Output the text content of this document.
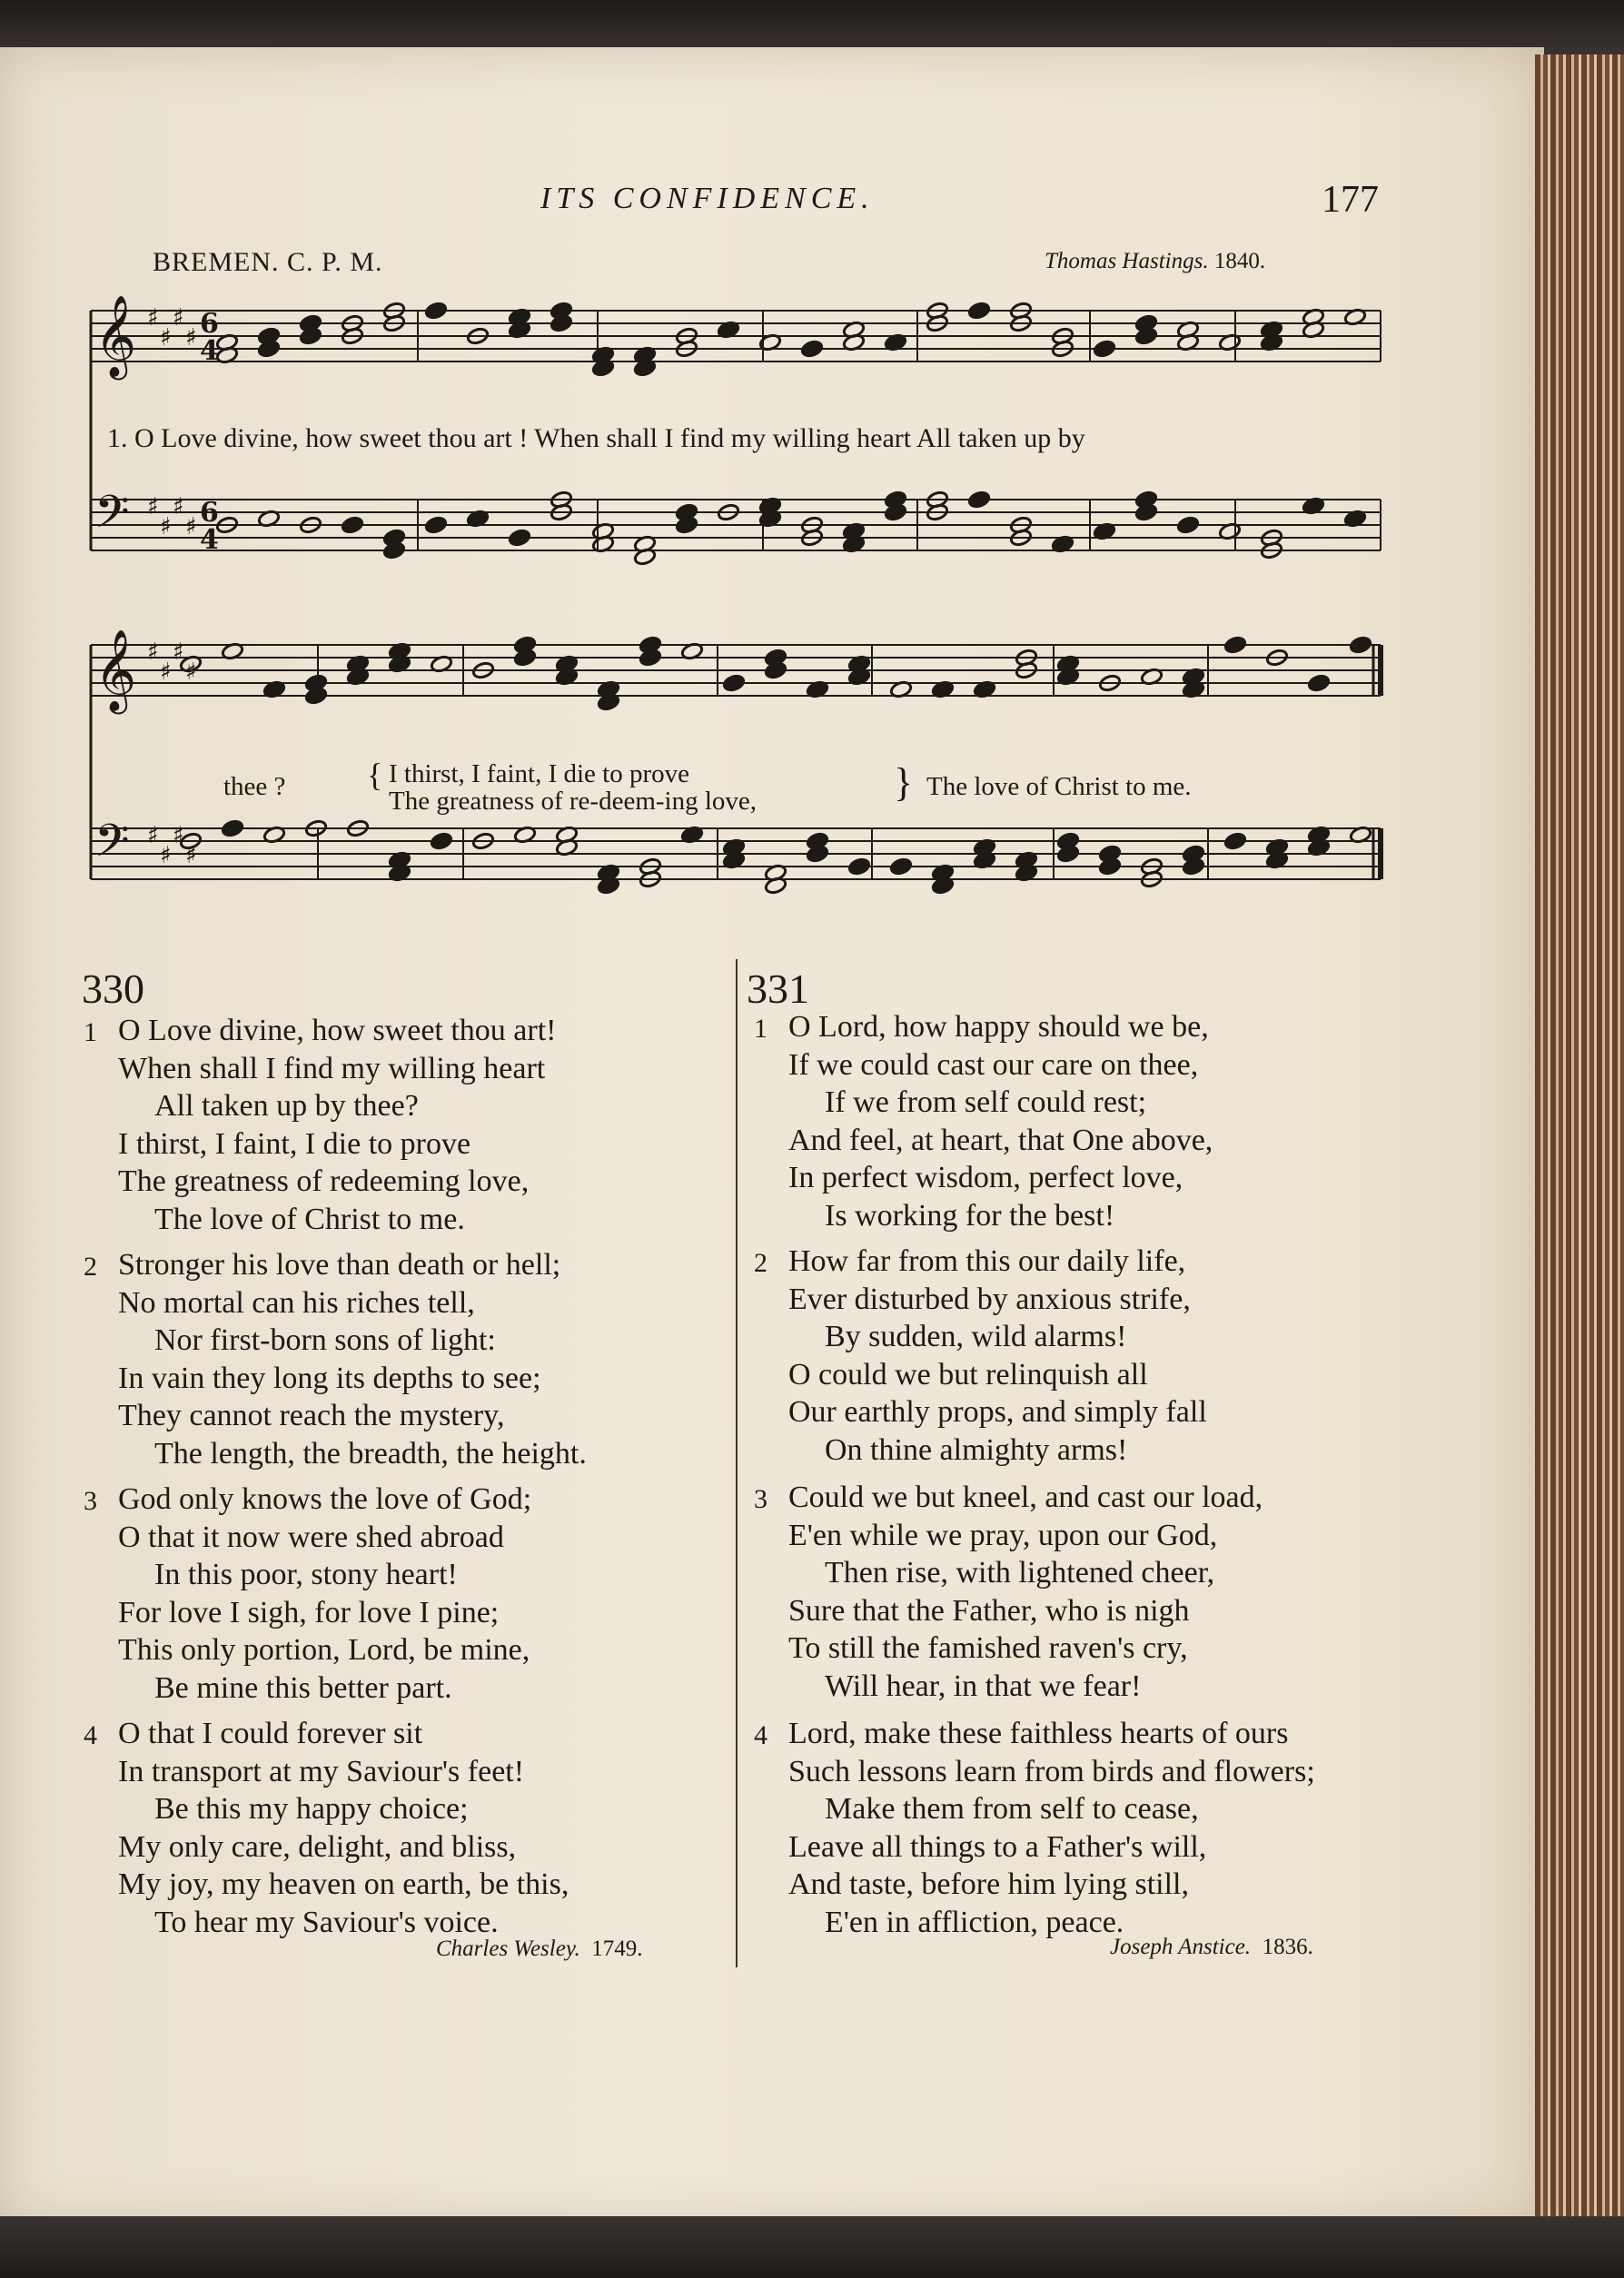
ITS CONFIDENCE.	177
BREMEN. C. P. M.	Thomas Hastings. 1840.
𝄞 ♯
♯
♯
♯ 6
4
𝄢 ♯
♯
♯
♯ 6
4
𝄞 ♯
♯
♯
♯
𝄢 ♯
♯
♯
♯
1. O Love divine, how sweet thou art ! When shall I find my willing heart All taken up by
thee ? { I thirst, I faint, I die to prove
The greatness of re-deem-ing love,	} The love of Christ to me.
330
1 O Love divine, how sweet thou art!
When shall I find my willing heart
All taken up by thee?
I thirst, I faint, I die to prove
The greatness of redeeming love,
The love of Christ to me.
2 Stronger his love than death or hell;
No mortal can his riches tell,
Nor first-born sons of light:
In vain they long its depths to see;
They cannot reach the mystery,
The length, the breadth, the height.
3 God only knows the love of God;
O that it now were shed abroad
In this poor, stony heart!
For love I sigh, for love I pine;
This only portion, Lord, be mine,
Be mine this better part.
4 O that I could forever sit
In transport at my Saviour's feet!
Be this my happy choice;
My only care, delight, and bliss,
My joy, my heaven on earth, be this,
To hear my Saviour's voice.
Charles Wesley. 1749.
331
1 O Lord, how happy should we be,
If we could cast our care on thee,
If we from self could rest;
And feel, at heart, that One above,
In perfect wisdom, perfect love,
Is working for the best!
2 How far from this our daily life,
Ever disturbed by anxious strife,
By sudden, wild alarms!
O could we but relinquish all
Our earthly props, and simply fall
On thine almighty arms!
3 Could we but kneel, and cast our load,
E'en while we pray, upon our God,
Then rise, with lightened cheer,
Sure that the Father, who is nigh
To still the famished raven's cry,
Will hear, in that we fear!
4 Lord, make these faithless hearts of ours
Such lessons learn from birds and flowers;
Make them from self to cease,
Leave all things to a Father's will,
And taste, before him lying still,
E'en in affliction, peace.
Joseph Anstice. 1836.
